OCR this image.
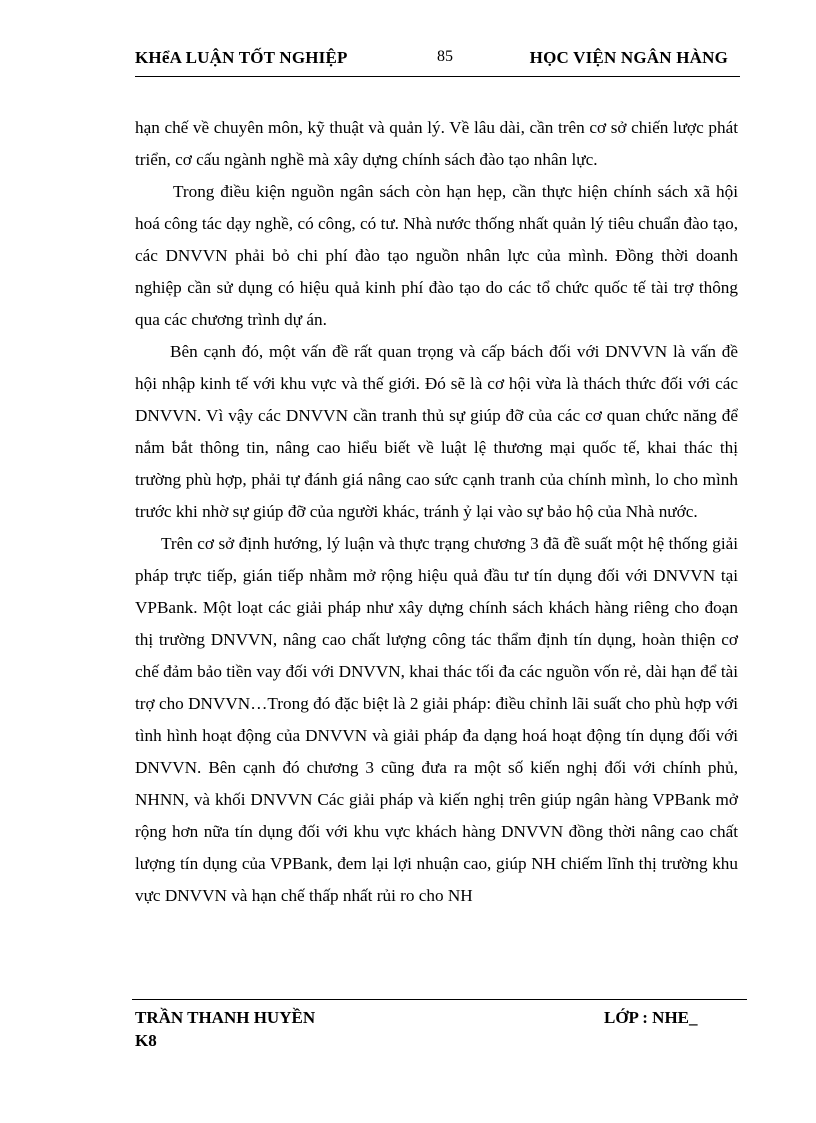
KHểA LUẬN TỐT NGHIỆP	85	HỌC VIỆN NGÂN HÀNG

hạn chế về chuyên môn, kỹ thuật và quản lý. Về lâu dài, cần trên cơ sở chiến lược phát triển, cơ cấu ngành nghề mà xây dựng chính sách đào tạo nhân lực.

Trong điều kiện nguồn ngân sách còn hạn hẹp, cần thực hiện chính sách xã hội hoá công tác dạy nghề, có công, có tư. Nhà nước thống nhất quản lý tiêu chuẩn đào tạo, các DNVVN phải bỏ chi phí đào tạo nguồn nhân lực của mình. Đồng thời doanh nghiệp cần sử dụng có hiệu quả kinh phí đào tạo do các tổ chức quốc tế tài trợ thông qua các chương trình dự án.

Bên cạnh đó, một vấn đề rất quan trọng và cấp bách đối với DNVVN là vấn đề hội nhập kinh tế với khu vực và thế giới. Đó sẽ là cơ hội vừa là thách thức đối với các DNVVN. Vì vậy các DNVVN cần tranh thủ sự giúp đỡ của các cơ quan chức năng để nắm bắt thông tin, nâng cao hiểu biết về luật lệ thương mại quốc tế, khai thác thị trường phù hợp, phải tự đánh giá nâng cao sức cạnh tranh của chính mình, lo cho mình trước khi nhờ sự giúp đỡ của người khác, tránh ỷ lại vào sự bảo hộ của Nhà nước.

Trên cơ sở định hướng, lý luận và thực trạng chương 3 đã đề suất một hệ thống giải pháp trực tiếp, gián tiếp nhằm mở rộng hiệu quả đầu tư tín dụng đối với DNVVN tại VPBank. Một loạt các giải pháp như xây dựng chính sách khách hàng riêng cho đoạn thị trường DNVVN, nâng cao chất lượng công tác thẩm định tín dụng, hoàn thiện cơ chế đảm bảo tiền vay đối với DNVVN, khai thác tối đa các nguồn vốn rẻ, dài hạn để tài trợ cho DNVVN…Trong đó đặc biệt là 2 giải pháp: điều chỉnh lãi suất cho phù hợp với tình hình hoạt động của DNVVN và giải pháp đa dạng hoá hoạt động tín dụng đối với DNVVN. Bên cạnh đó chương 3 cũng đưa ra một số kiến nghị đối với chính phủ, NHNN, và khối DNVVN Các giải pháp và kiến nghị trên giúp ngân hàng VPBank mở rộng hơn nữa tín dụng đối với khu vực khách hàng DNVVN đồng thời nâng cao chất lượng tín dụng của VPBank, đem lại lợi nhuận cao, giúp NH chiếm lĩnh thị trường khu vực DNVVN và hạn chế thấp nhất rủi ro cho NH

TRẦN THANH HUYỀN	LỚP : NHE_
K8
